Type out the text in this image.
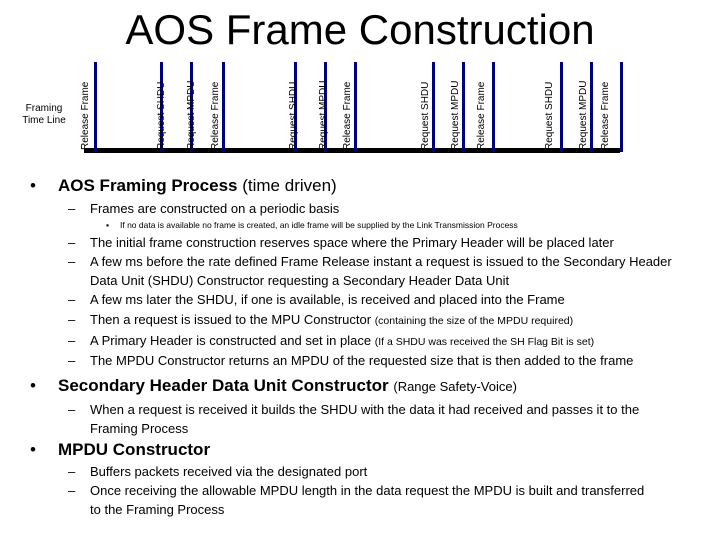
AOS Frame Construction
Framing Time Line	Release Frame	Request SHDU Request MPDU Release Frame	Request SHDU Request MPDU Release Frame	Request SHDU Request MPDU Release Frame	Request SHDU Request MPDU Release Frame
• AOS Framing Process (time driven)
– Frames are constructed on a periodic basis
▪ If no data is available no frame is created, an idle frame will be supplied by the Link Transmission Process
– The initial frame construction reserves space where the Primary Header will be placed later
– A few ms before the rate defined Frame Release instant a request is issued to the Secondary Header Data Unit (SHDU) Constructor requesting a Secondary Header Data Unit
– A few ms later the SHDU, if one is available, is received and placed into the Frame
– Then a request is issued to the MPU Constructor (containing the size of the MPDU required)
– A Primary Header is constructed and set in place (If a SHDU was received the SH Flag Bit is set)
– The MPDU Constructor returns an MPDU of the requested size that is then added to the frame
• Secondary Header Data Unit Constructor (Range Safety-Voice)
– When a request is received it builds the SHDU with the data it had received and passes it to the Framing Process
• MPDU Constructor
– Buffers packets received via the designated port
– Once receiving the allowable MPDU length in the data request the MPDU is built and transferred to the Framing Process
